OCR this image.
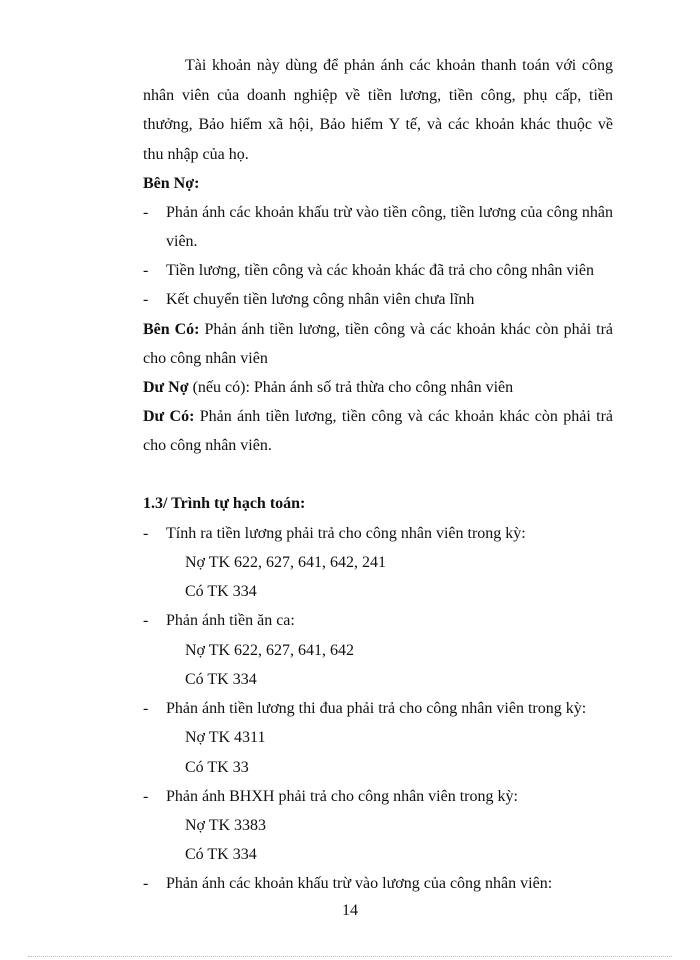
Tài khoản này dùng để phản ánh các khoản thanh toán với công
nhân viên của doanh nghiệp về tiền lương, tiền công, phụ cấp, tiền
thưởng, Bảo hiểm xã hội, Bảo hiểm Y tế, và các khoản khác thuộc về
thu nhập của họ.
Bên Nợ:
-	Phản ánh các khoản khấu trừ vào tiền công, tiền lương của công nhân
viên.
-	Tiền lương, tiền công và các khoản khác đã trả cho công nhân viên
-	Kết chuyển tiền lương công nhân viên chưa lĩnh
Bên Có: Phản ánh tiền lương, tiền công và các khoản khác còn phải trả
cho công nhân viên
Dư Nợ (nếu có): Phản ánh số trả thừa cho công nhân viên
Dư Có: Phản ánh tiền lương, tiền công và các khoản khác còn phải trả
cho công nhân viên.
1.3/ Trình tự hạch toán:
-	Tính ra tiền lương phải trả cho công nhân viên trong kỳ:
Nợ TK 622, 627, 641, 642, 241
Có TK 334
-	Phản ánh tiền ăn ca:
Nợ TK 622, 627, 641, 642
Có TK 334
-	Phản ánh tiền lương thi đua phải trả cho công nhân viên trong kỳ:
Nợ TK 4311
Có TK 33
-	Phản ánh BHXH phải trả cho công nhân viên trong kỳ:
Nợ TK 3383
Có TK 334
-	Phản ánh các khoản khấu trừ vào lương của công nhân viên:
14
